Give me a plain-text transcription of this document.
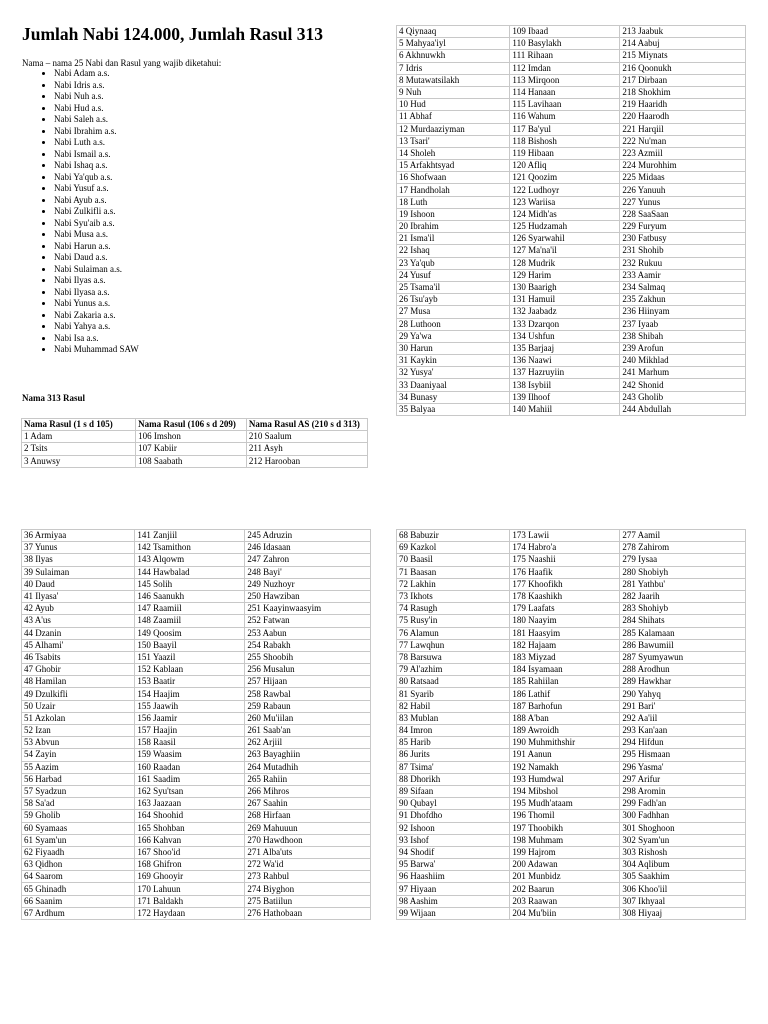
Jumlah Nabi 124.000, Jumlah Rasul 313

Nama – nama 25 Nabi dan Rasul yang wajib diketahui:

• Nabi Adam a.s.
• Nabi Idris a.s.
• Nabi Nuh a.s.
• Nabi Hud a.s.
• Nabi Saleh a.s.
• Nabi Ibrahim a.s.
• Nabi Luth a.s.
• Nabi Ismail a.s.
• Nabi Ishaq a.s.
• Nabi Ya'qub a.s.
• Nabi Yusuf a.s.
• Nabi Ayub a.s.
• Nabi Zulkifli a.s.
• Nabi Syu'aib a.s.
• Nabi Musa a.s.
• Nabi Harun a.s.
• Nabi Daud a.s.
• Nabi Sulaiman a.s.
• Nabi Ilyas a.s.
• Nabi Ilyasa a.s.
• Nabi Yunus a.s.
• Nabi Zakaria a.s.
• Nabi Yahya a.s.
• Nabi Isa a.s.
• Nabi Muhammad SAW

Nama 313 Rasul

Nama Rasul (1 s d 105)	Nama Rasul (106 s d 209)	Nama Rasul AS (210 s d 313)
1 Adam	106 Imshon	210 Saalum
2 Tsits	107 Kabiir	211 Asyh
3 Anuwsy	108 Saabath	212 Harooban
4 Qiynaaq	109 Ibaad	213 Jaabuk
5 Mahyaa'iyl	110 Basylakh	214 Aabuj
6 Akhnuwkh	111 Rihaan	215 Miynats
7 Idris	112 Imdan	216 Qoonukh
8 Mutawatsilakh	113 Mirqoon	217 Dirbaan
9 Nuh	114 Hanaan	218 Shokhim
10 Hud	115 Lavihaan	219 Haaridh
11 Abhaf	116 Wahum	220 Haarodh
12 Murdaaziyman	117 Ba'yul	221 Harqiil
13 Tsari'	118 Bishosh	222 Nu'man
14 Sholeh	119 Hibaan	223 Azmiil
15 Arfakhtsyad	120 Afliq	224 Murohhim
16 Shofwaan	121 Qoozim	225 Midaas
17 Handholah	122 Ludhoyr	226 Yanuuh
18 Luth	123 Wariisa	227 Yunus
19 Ishoon	124 Midh'as	228 SaaSaan
20 Ibrahim	125 Hudzamah	229 Furyum
21 Isma'il	126 Syarwahil	230 Fatbusy
22 Ishaq	127 Ma'na'il	231 Shohib
23 Ya'qub	128 Mudrik	232 Rukuu
24 Yusuf	129 Harim	233 Aamir
25 Tsama'il	130 Baarigh	234 Salmaq
26 Tsu'ayb	131 Hamuil	235 Zakhun
27 Musa	132 Jaabadz	236 Hiinyam
28 Luthoon	133 Dzarqon	237 Iyaab
29 Ya'wa	134 Ushfun	238 Shibah
30 Harun	135 Barjaaj	239 Arofun
31 Kaykin	136 Naawi	240 Mikhlad
32 Yusya'	137 Hazruyiin	241 Marhum
33 Daaniyaal	138 Isybiil	242 Shonid
34 Bunasy	139 Ilhoof	243 Gholib
35 Balyaa	140 Mahiil	244 Abdullah
36 Armiyaa	141 Zanjiil	245 Adruzin
37 Yunus	142 Tsamithon	246 Idasaan
38 Ilyas	143 Alqowm	247 Zahron
39 Sulaiman	144 Hawbalad	248 Bayi'
40 Daud	145 Solih	249 Nuzhoyr
41 Ilyasa'	146 Saanukh	250 Hawziban
42 Ayub	147 Raamiil	251 Kaayinwaasyim
43 A'us	148 Zaamiil	252 Fatwan
44 Dzanin	149 Qoosim	253 Aabun
45 Alhami'	150 Baayil	254 Rabakh
46 Tsabits	151 Yaazil	255 Shoobih
47 Ghobir	152 Kablaan	256 Musalun
48 Hamilan	153 Baatir	257 Hijaan
49 Dzulkifli	154 Haajim	258 Rawbal
50 Uzair	155 Jaawih	259 Rabaun
51 Azkolan	156 Jaamir	260 Mu'iilan
52 Izan	157 Haajin	261 Saab'an
53 Abvun	158 Raasil	262 Arjiil
54 Zayin	159 Waasim	263 Bayaghiin
55 Aazim	160 Raadan	264 Mutadhih
56 Harbad	161 Saadim	265 Rahiin
57 Syadzun	162 Syu'tsan	266 Mihros
58 Sa'ad	163 Jaazaan	267 Saahin
59 Gholib	164 Shoohid	268 Hirfaan
60 Syamaas	165 Shohban	269 Mahuuun
61 Syam'un	166 Kahvan	270 Hawdhoon
62 Fiyaadh	167 Shoo'id	271 Alba'uts
63 Qidhon	168 Ghifron	272 Wa'id
64 Saarom	169 Ghooyir	273 Rahbul
65 Ghinadh	170 Lahuun	274 Biyghon
66 Saanim	171 Baldakh	275 Batiilun
67 Ardhum	172 Haydaan	276 Hathobaan
68 Babuzir	173 Lawii	277 Aamil
69 Kazkol	174 Habro'a	278 Zahirom
70 Baasil	175 Naashii	279 Iysaa
71 Baasan	176 Haafik	280 Shobiyh
72 Lakhin	177 Khoofikh	281 Yathbu'
73 Ikhots	178 Kaashikh	282 Jaarih
74 Rasugh	179 Laafats	283 Shohiyb
75 Rusy'in	180 Naayim	284 Shihats
76 Alamun	181 Haasyim	285 Kalamaan
77 Lawqhun	182 Hajaam	286 Bawumiil
78 Barsuwa	183 Miyzad	287 Syumyawun
79 Al'azhim	184 Isyamaan	288 Arodhun
80 Ratsaad	185 Rahiilan	289 Hawkhar
81 Syarib	186 Lathif	290 Yahyq
82 Habil	187 Barhofun	291 Bari'
83 Mublan	188 A'ban	292 Aa'iil
84 Imron	189 Awroidh	293 Kan'aan
85 Harib	190 Muhmithshir	294 Hifdun
86 Jurits	191 Aanun	295 Hismaan
87 Tsima'	192 Namakh	296 Yasma'
88 Dhorikh	193 Humdwal	297 Arifur
89 Sifaan	194 Mibshol	298 Aromin
90 Qubayl	195 Mudh'ataam	299 Fadh'an
91 Dhofdho	196 Thomil	300 Fadhhan
92 Ishoon	197 Thoobikh	301 Shoghoon
93 Ishof	198 Muhmam	302 Syam'un
94 Shodif	199 Hajrom	303 Rishosh
95 Barwa'	200 Adawan	304 Aqlibum
96 Haashiim	201 Munbidz	305 Saakhim
97 Hiyaan	202 Baarun	306 Khoo'iil
98 Aashim	203 Raawan	307 Ikhyaal
99 Wijaan	204 Mu'biin	308 Hiyaaj
